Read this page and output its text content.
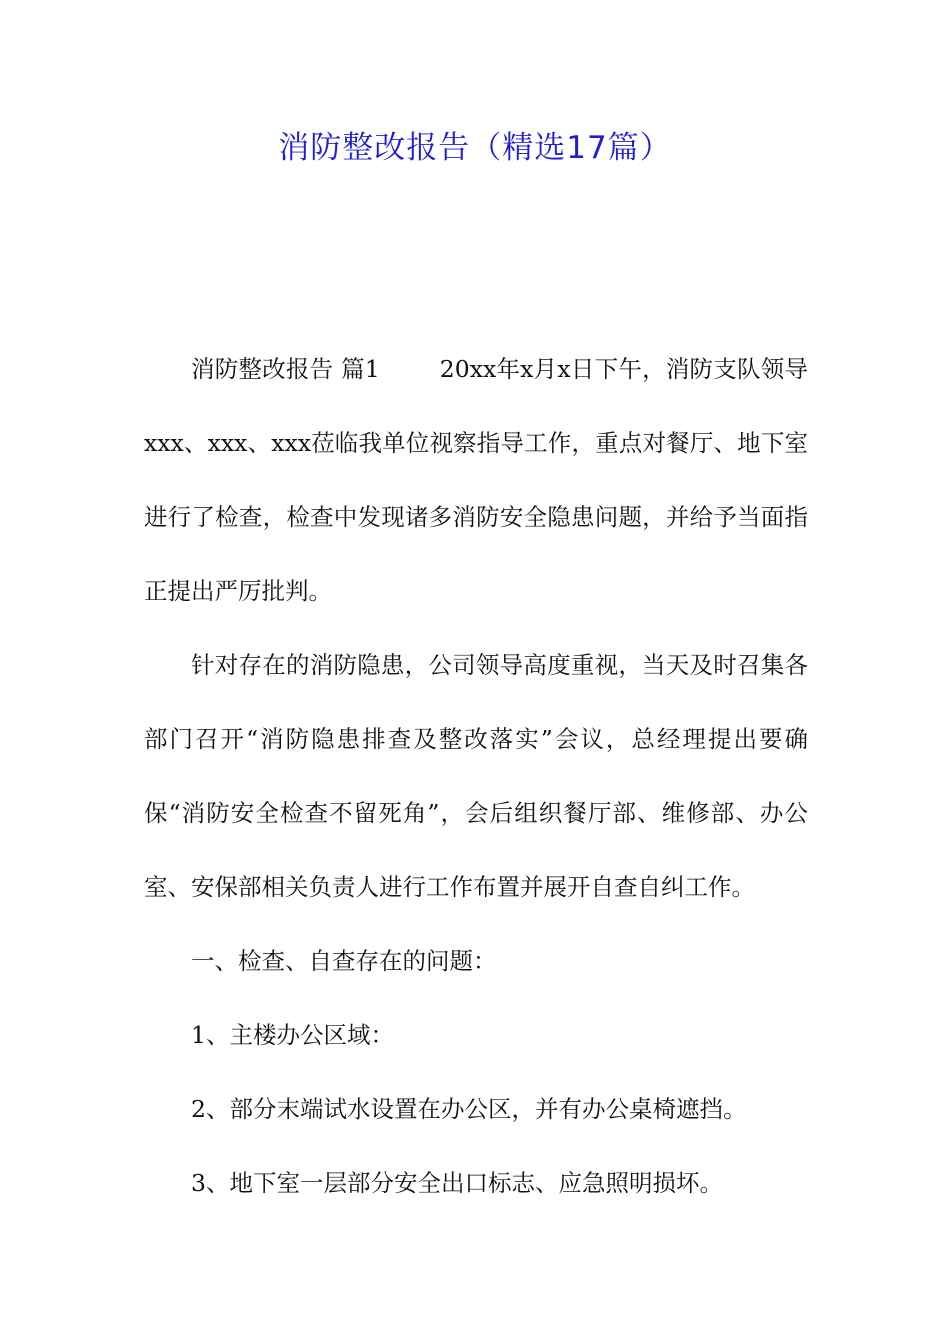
消防整改报告（精选17篇）

消防整改报告 篇1	20xx年x月x日下午，消防支队领导xxx、xxx、xxx莅临我单位视察指导工作，重点对餐厅、地下室进行了检查，检查中发现诸多消防安全隐患问题，并给予当面指正提出严厉批判。

针对存在的消防隐患，公司领导高度重视，当天及时召集各部门召开“消防隐患排查及整改落实”会议，总经理提出要确保“消防安全检查不留死角”，会后组织餐厅部、维修部、办公室、安保部相关负责人进行工作布置并展开自查自纠工作。

一、检查、自查存在的问题：

1、主楼办公区域：

2、部分末端试水设置在办公区，并有办公桌椅遮挡。

3、地下室一层部分安全出口标志、应急照明损坏。
